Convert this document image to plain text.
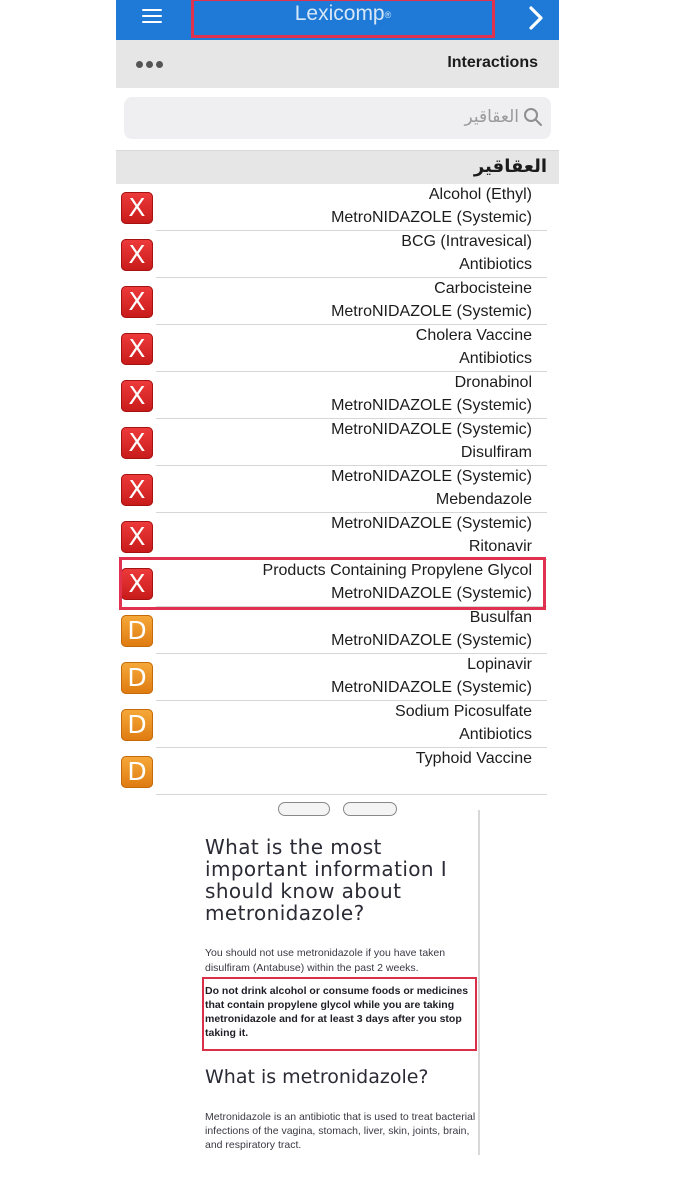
Lexicomp®
Interactions
العقاقير
العقاقير
X	Alcohol (Ethyl)
MetroNIDAZOLE (Systemic)
X	BCG (Intravesical)
Antibiotics
X	Carbocisteine
MetroNIDAZOLE (Systemic)
X	Cholera Vaccine
Antibiotics
X	Dronabinol
MetroNIDAZOLE (Systemic)
X	MetroNIDAZOLE (Systemic)
Disulfiram
X	MetroNIDAZOLE (Systemic)
Mebendazole
X	MetroNIDAZOLE (Systemic)
Ritonavir
X	Products Containing Propylene Glycol
MetroNIDAZOLE (Systemic)
D	Busulfan
MetroNIDAZOLE (Systemic)
D	Lopinavir
MetroNIDAZOLE (Systemic)
D	Sodium Picosulfate
Antibiotics
D	Typhoid Vaccine
What is the most important information I should know about metronidazole?
You should not use metronidazole if you have taken disulfiram (Antabuse) within the past 2 weeks.
Do not drink alcohol or consume foods or medicines that contain propylene glycol while you are taking metronidazole and for at least 3 days after you stop taking it.
What is metronidazole?
Metronidazole is an antibiotic that is used to treat bacterial infections of the vagina, stomach, liver, skin, joints, brain, and respiratory tract.
